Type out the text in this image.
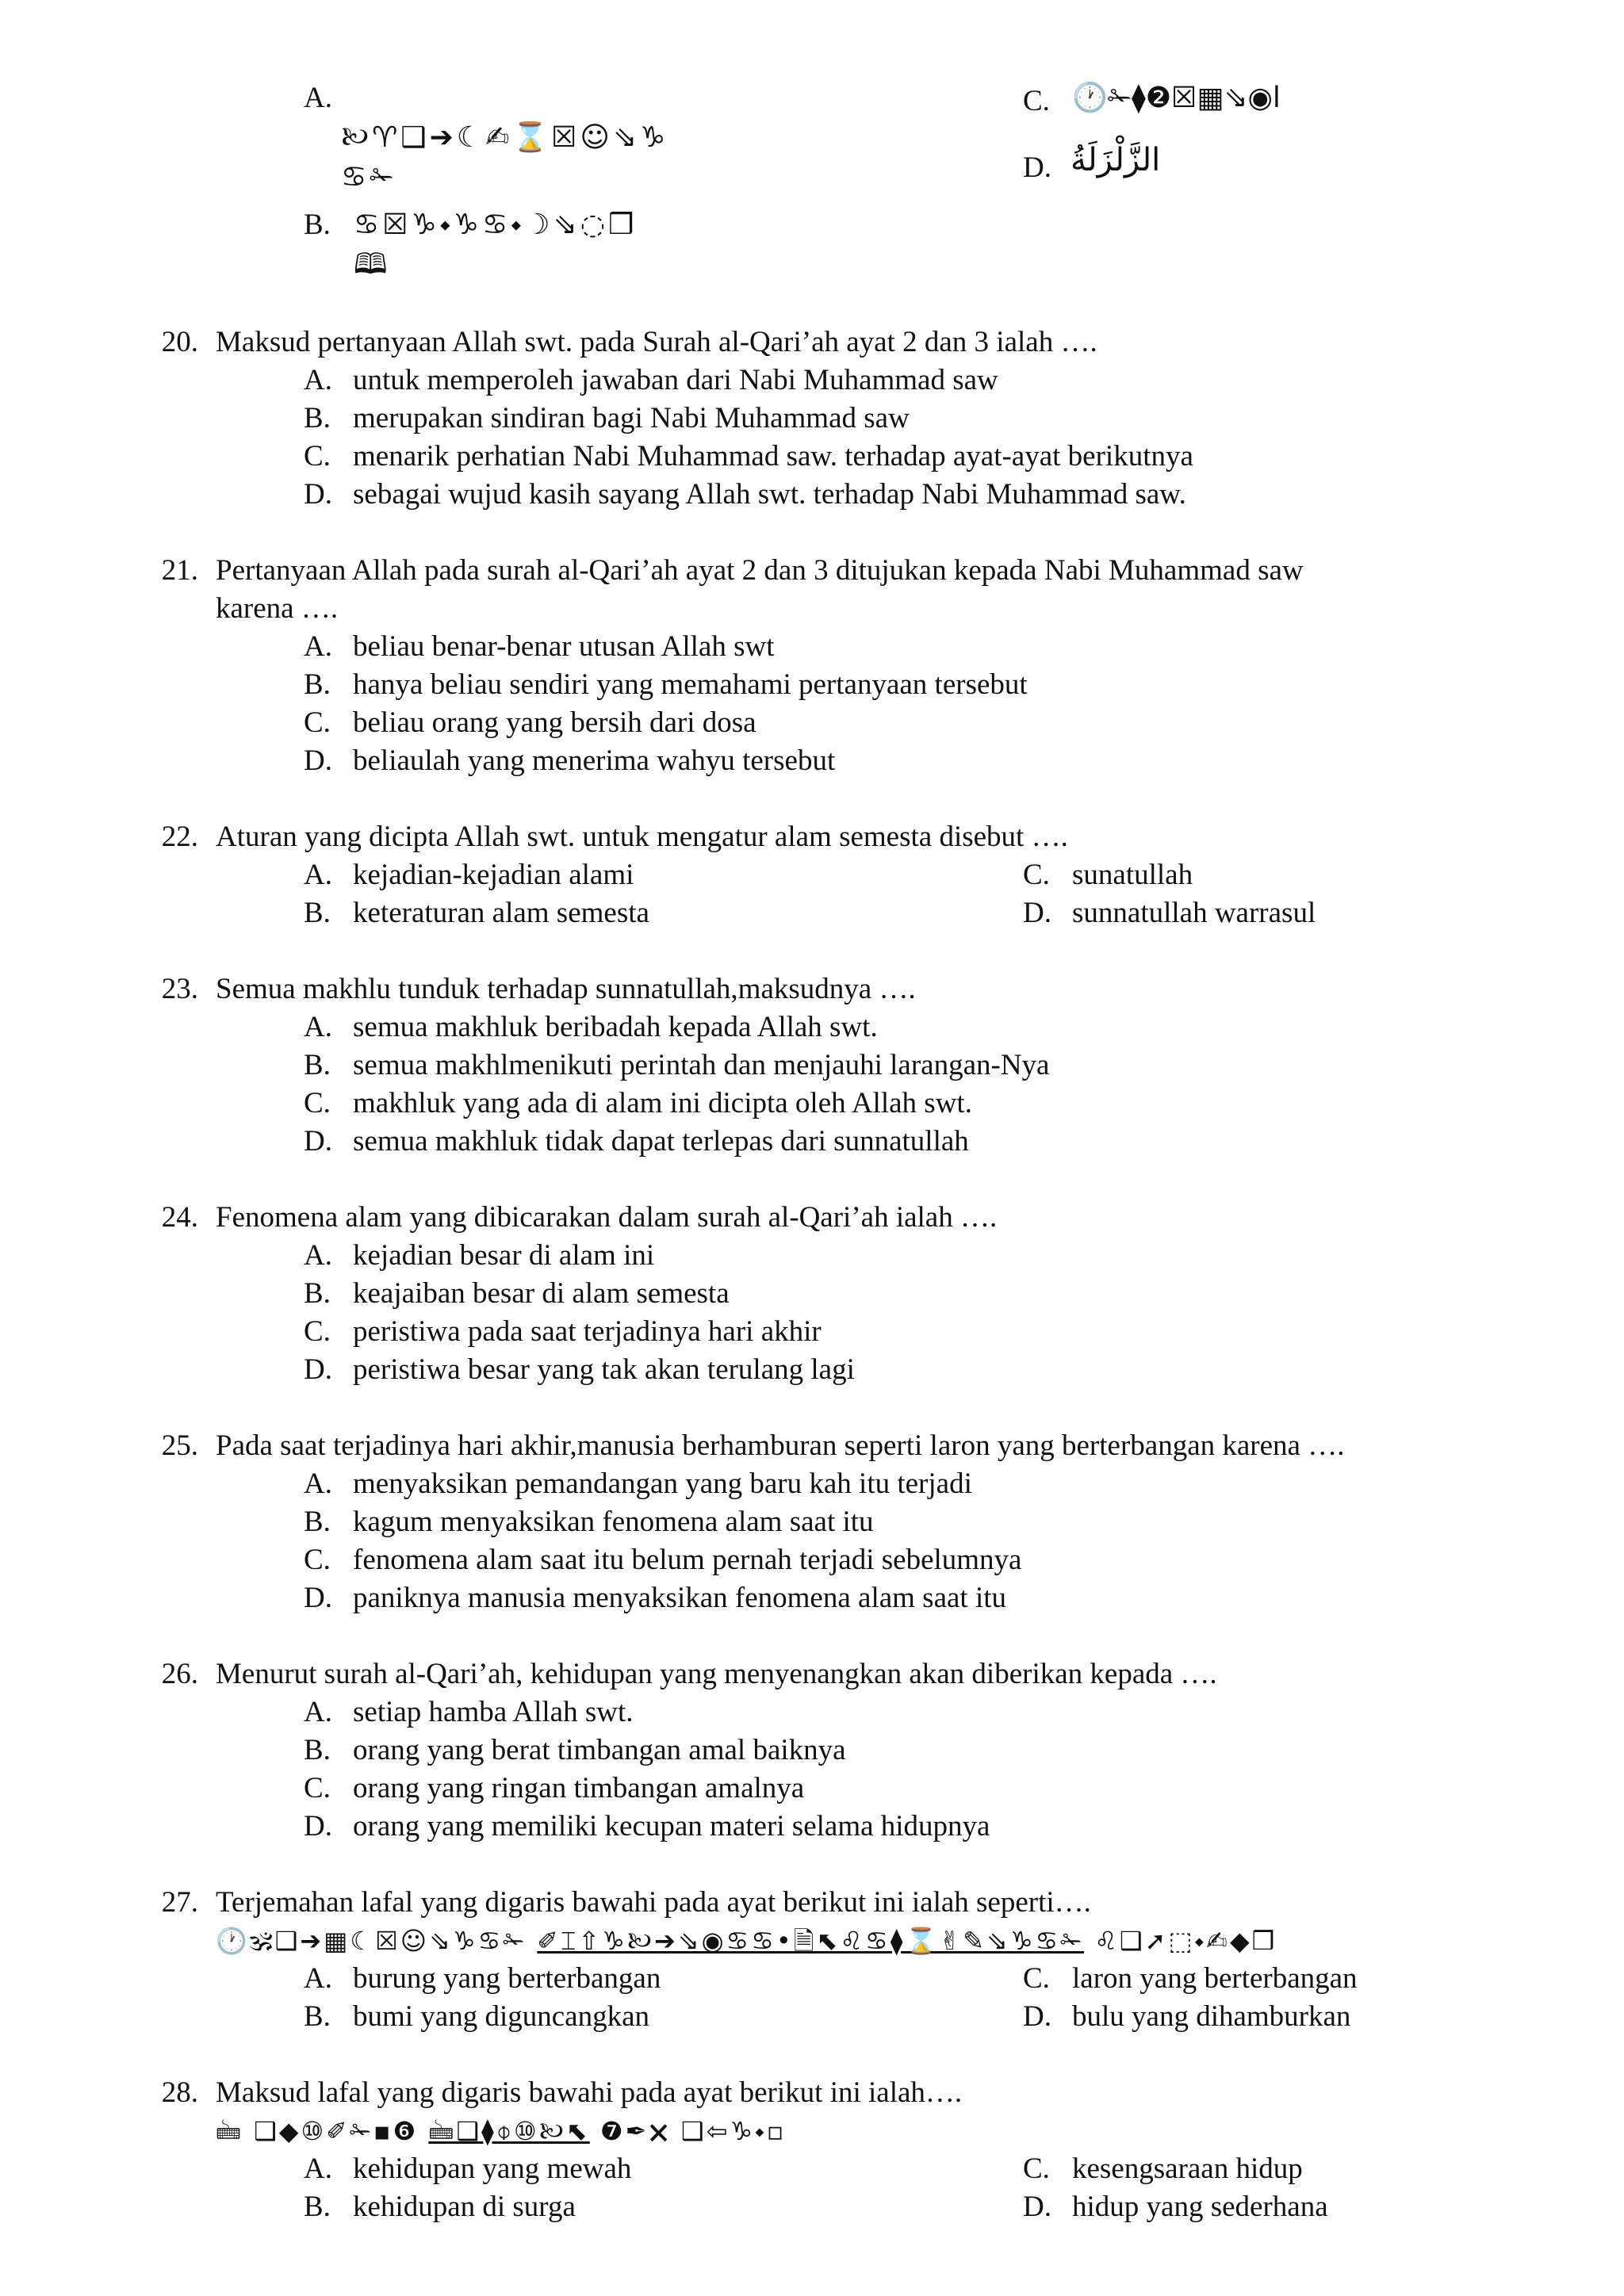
A.
🙠♈❑➔☾✍⌛☒☺⇘♑
♋✁
B. ♋☒♑⬩♑♋⬩☽⇘◌❒
🕮
C. 🕐✁⧫❷☒▦⇘◉ا
D. الزَّلْزَلَةُ
20. Maksud pertanyaan Allah swt. pada Surah al-Qari’ah ayat 2 dan 3 ialah ….
A. untuk memperoleh jawaban dari Nabi Muhammad saw
B. merupakan sindiran bagi Nabi Muhammad saw
C. menarik perhatian Nabi Muhammad saw. terhadap ayat-ayat berikutnya
D. sebagai wujud kasih sayang Allah swt. terhadap Nabi Muhammad saw.
21. Pertanyaan Allah pada surah al-Qari’ah ayat 2 dan 3 ditujukan kepada Nabi Muhammad saw
karena ….
A. beliau benar-benar utusan Allah swt
B. hanya beliau sendiri yang memahami pertanyaan tersebut
C. beliau orang yang bersih dari dosa
D. beliaulah yang menerima wahyu tersebut
22. Aturan yang dicipta Allah swt. untuk mengatur alam semesta disebut ….
A. kejadian-kejadian alami
B. keteraturan alam semesta
C. sunatullah
D. sunnatullah warrasul
23. Semua makhlu tunduk terhadap sunnatullah,maksudnya ….
A. semua makhluk beribadah kepada Allah swt.
B. semua makhlmenikuti perintah dan menjauhi larangan-Nya
C. makhluk yang ada di alam ini dicipta oleh Allah swt.
D. semua makhluk tidak dapat terlepas dari sunnatullah
24. Fenomena alam yang dibicarakan dalam surah al-Qari’ah ialah ….
A. kejadian besar di alam ini
B. keajaiban besar di alam semesta
C. peristiwa pada saat terjadinya hari akhir
D. peristiwa besar yang tak akan terulang lagi
25. Pada saat terjadinya hari akhir,manusia berhamburan seperti laron yang berterbangan karena ….
A. menyaksikan pemandangan yang baru kah itu terjadi
B. kagum menyaksikan fenomena alam saat itu
C. fenomena alam saat itu belum pernah terjadi sebelumnya
D. paniknya manusia menyaksikan fenomena alam saat itu
26. Menurut surah al-Qari’ah, kehidupan yang menyenangkan akan diberikan kepada ….
A. setiap hamba Allah swt.
B. orang yang berat timbangan amal baiknya
C. orang yang ringan timbangan amalnya
D. orang yang memiliki kecupan materi selama hidupnya
27. Terjemahan lafal yang digaris bawahi pada ayat berikut ini ialah seperti….
🕐🕉❑➔▦☾☒☺⇘♑♋✁ ✐⌶⇧♑🙠➔⇘◉♋♋•🗎⬉♌♋⧫⌛✌✎⇘♑♋✁ ♌❑➚⬚⬩✍◆❒
A. burung yang berterbangan
B. bumi yang diguncangkan
C. laron yang berterbangan
D. bulu yang dihamburkan
28. Maksud lafal yang digaris bawahi pada ayat berikut ini ialah….
🖮 ❑◆⑩✐✁▪❻ 🖮❑⧫⌽⑩🙠⬉ ❼✒🗙 ❑⇦♑⬩▫
A. kehidupan yang mewah
B. kehidupan di surga
C. kesengsaraan hidup
D. hidup yang sederhana
